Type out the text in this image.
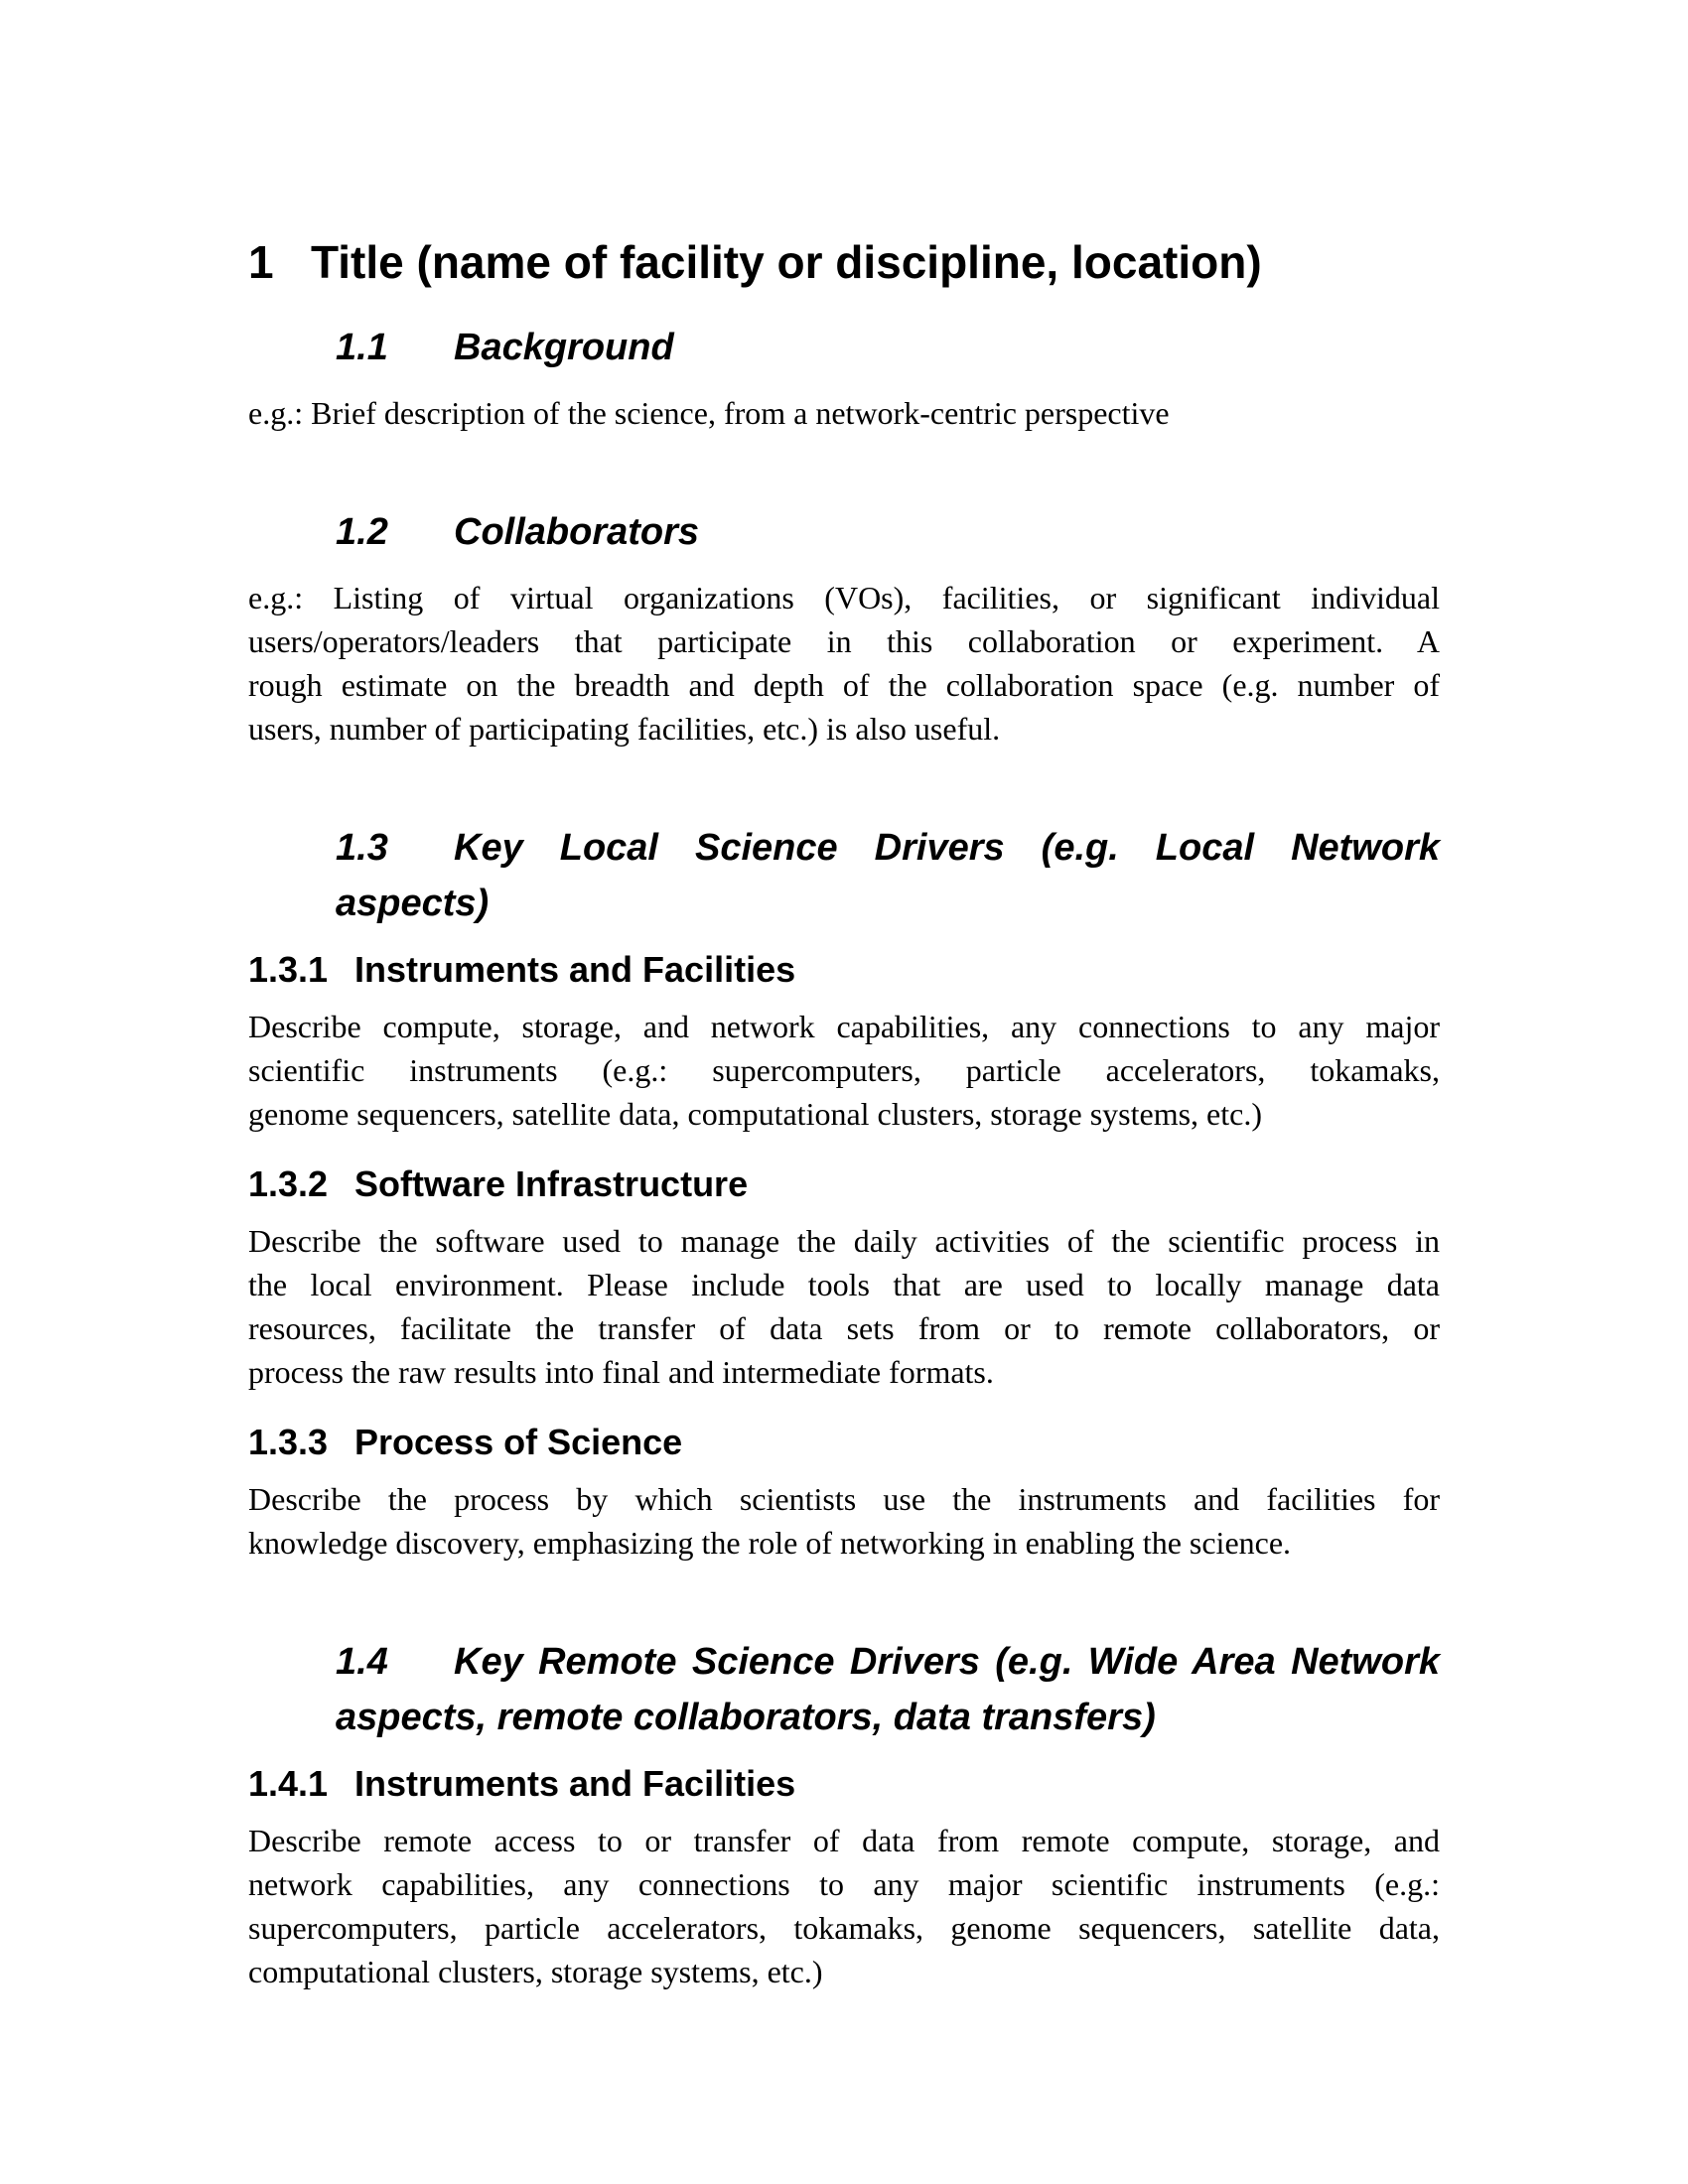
1 Title (name of facility or discipline, location)
1.1 Background
e.g.: Brief description of the science, from a network-centric perspective
1.2 Collaborators
e.g.: Listing of virtual organizations (VOs), facilities, or significant individual
users/operators/leaders that participate in this collaboration or experiment. A
rough estimate on the breadth and depth of the collaboration space (e.g. number of
users, number of participating facilities, etc.) is also useful.
1.3 Key Local Science Drivers (e.g. Local Network
aspects)
1.3.1 Instruments and Facilities
Describe compute, storage, and network capabilities, any connections to any major
scientific instruments (e.g.: supercomputers, particle accelerators, tokamaks,
genome sequencers, satellite data, computational clusters, storage systems, etc.)
1.3.2 Software Infrastructure
Describe the software used to manage the daily activities of the scientific process in
the local environment. Please include tools that are used to locally manage data
resources, facilitate the transfer of data sets from or to remote collaborators, or
process the raw results into final and intermediate formats.
1.3.3 Process of Science
Describe the process by which scientists use the instruments and facilities for
knowledge discovery, emphasizing the role of networking in enabling the science.
1.4 Key Remote Science Drivers (e.g. Wide Area Network
aspects, remote collaborators, data transfers)
1.4.1 Instruments and Facilities
Describe remote access to or transfer of data from remote compute, storage, and
network capabilities, any connections to any major scientific instruments (e.g.:
supercomputers, particle accelerators, tokamaks, genome sequencers, satellite data,
computational clusters, storage systems, etc.)
